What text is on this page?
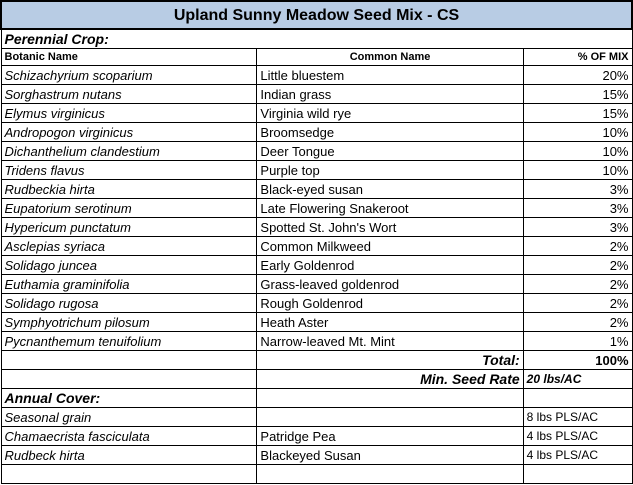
Upland Sunny Meadow Seed Mix - CS		
Perennial Crop:		
Botanic Name	Common Name	% OF MIX
Schizachyrium scoparium	Little bluestem	20%
Sorghastrum nutans	Indian grass	15%
Elymus virginicus	Virginia wild rye	15%
Andropogon virginicus	Broomsedge	10%
Dichanthelium clandestium	Deer Tongue	10%
Tridens flavus	Purple top	10%
Rudbeckia hirta	Black-eyed susan	3%
Eupatorium serotinum	Late Flowering Snakeroot	3%
Hypericum punctatum	Spotted St. John's Wort	3%
Asclepias syriaca	Common Milkweed	2%
Solidago juncea	Early Goldenrod	2%
Euthamia graminifolia	Grass-leaved goldenrod	2%
Solidago rugosa	Rough Goldenrod	2%
Symphyotrichum pilosum	Heath Aster	2%
Pycnanthemum tenuifolium	Narrow-leaved Mt. Mint	1%
	Total:	100%
	Min. Seed Rate	20 lbs/AC
Annual Cover:		
Seasonal grain		8 lbs PLS/AC
Chamaecrista fasciculata	Patridge Pea	4 lbs PLS/AC
Rudbeck hirta	Blackeyed Susan	4 lbs PLS/AC
